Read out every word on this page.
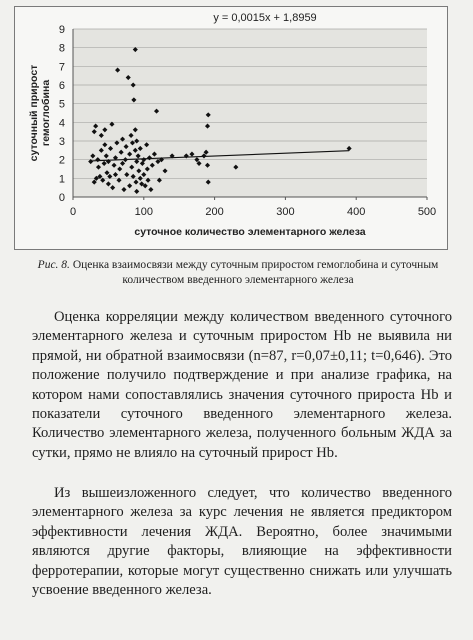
0
1
2
3
4
5
6
7
8
9
0	100	200	300	400	500
y = 0,0015x + 1,8959
суточный прирост гемоглобина
суточное количество элементарного железа
Рис. 8. Оценка взаимосвязи между суточным приростом гемоглобина и суточным количеством введенного элементарного железа

Оценка корреляции между количеством введенного суточного элементарного железа и суточным приростом Hb не выявила ни прямой, ни обратной взаимосвязи (n=87, r=0,07±0,11; t=0,646). Это положение получило подтверждение и при анализе графика, на котором нами сопоставлялись значения суточного прироста Hb и показатели суточного введенного элементарного железа. Количество элементарного железа, полученного больным ЖДА за сутки, прямо не влияло на суточный прирост Hb.

Из вышеизложенного следует, что количество введенного элементарного железа за курс лечения не является предиктором эффективности лечения ЖДА. Вероятно, более значимыми являются другие факторы, влияющие на эффективности ферротерапии, которые могут существенно снижать или улучшать усвоение введенного железа.
